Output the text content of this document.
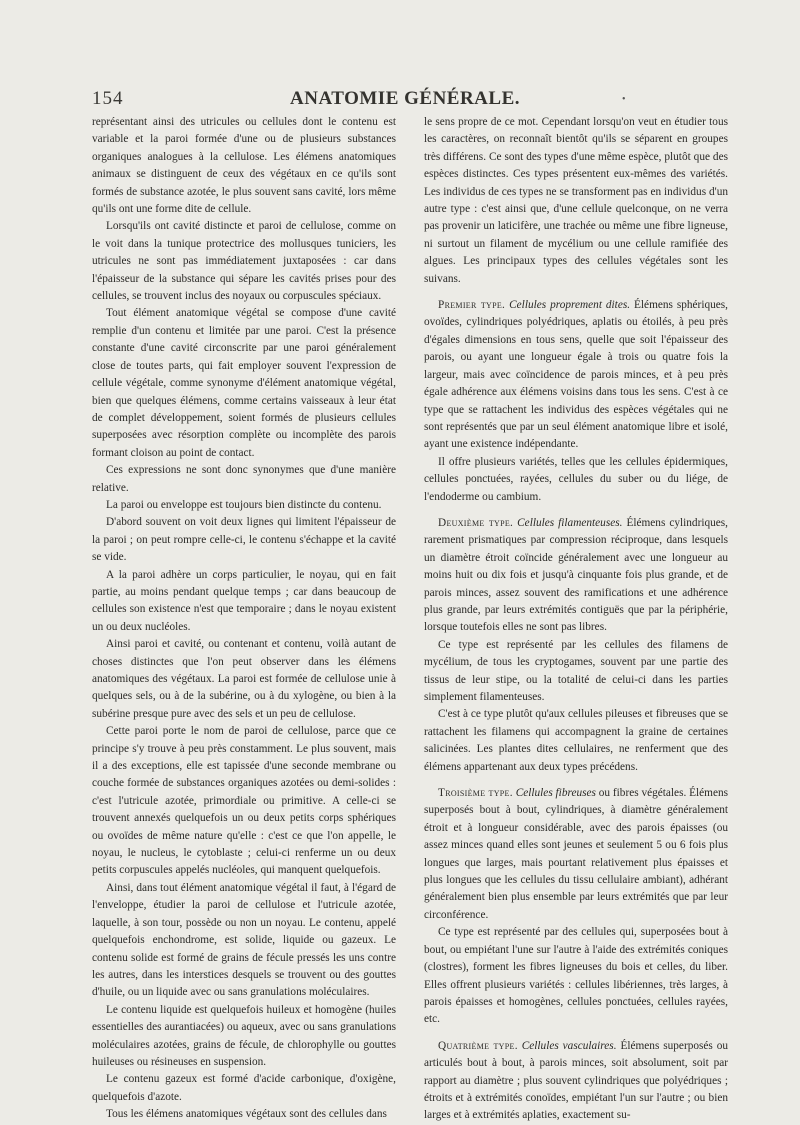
154	ANATOMIE GÉNÉRALE.	•

représentant ainsi des utricules ou cellules dont le contenu est variable et la paroi formée d'une ou de plusieurs substances organiques analogues à la cellulose. Les élémens anatomiques animaux se distinguent de ceux des végétaux en ce qu'ils sont formés de substance azotée, le plus souvent sans cavité, lors même qu'ils ont une forme dite de cellule.

Lorsqu'ils ont cavité distincte et paroi de cellulose, comme on le voit dans la tunique protectrice des mollusques tuniciers, les utricules ne sont pas immédiatement juxtaposées : car dans l'épaisseur de la substance qui sépare les cavités prises pour des cellules, se trouvent inclus des noyaux ou corpuscules spéciaux.

Tout élément anatomique végétal se compose d'une cavité remplie d'un contenu et limitée par une paroi. C'est la présence constante d'une cavité circonscrite par une paroi généralement close de toutes parts, qui fait employer souvent l'expression de cellule végétale, comme synonyme d'élément anatomique végétal, bien que quelques élémens, comme certains vaisseaux à leur état de complet développement, soient formés de plusieurs cellules superposées avec résorption complète ou incomplète des parois formant cloison au point de contact.

Ces expressions ne sont donc synonymes que d'une manière relative.

La paroi ou enveloppe est toujours bien distincte du contenu.

D'abord souvent on voit deux lignes qui limitent l'épaisseur de la paroi ; on peut rompre celle-ci, le contenu s'échappe et la cavité se vide.

A la paroi adhère un corps particulier, le noyau, qui en fait partie, au moins pendant quelque temps ; car dans beaucoup de cellules son existence n'est que temporaire ; dans le noyau existent un ou deux nucléoles.

Ainsi paroi et cavité, ou contenant et contenu, voilà autant de choses distinctes que l'on peut observer dans les élémens anatomiques des végétaux. La paroi est formée de cellulose unie à quelques sels, ou à de la subérine, ou à du xylogène, ou bien à la subérine presque pure avec des sels et un peu de cellulose.

Cette paroi porte le nom de paroi de cellulose, parce que ce principe s'y trouve à peu près constamment. Le plus souvent, mais il a des exceptions, elle est tapissée d'une seconde membrane ou couche formée de substances organiques azotées ou demi-solides : c'est l'utricule azotée, primordiale ou primitive. A celle-ci se trouvent annexés quelquefois un ou deux petits corps sphériques ou ovoïdes de même nature qu'elle : c'est ce que l'on appelle, le noyau, le nucleus, le cytoblaste ; celui-ci renferme un ou deux petits corpuscules appelés nucléoles, qui manquent quelquefois.

Ainsi, dans tout élément anatomique végétal il faut, à l'égard de l'enveloppe, étudier la paroi de cellulose et l'utricule azotée, laquelle, à son tour, possède ou non un noyau. Le contenu, appelé quelquefois enchondrome, est solide, liquide ou gazeux. Le contenu solide est formé de grains de fécule pressés les uns contre les autres, dans les interstices desquels se trouvent ou des gouttes d'huile, ou un liquide avec ou sans granulations moléculaires.

Le contenu liquide est quelquefois huileux et homogène (huiles essentielles des aurantiacées) ou aqueux, avec ou sans granulations moléculaires azotées, grains de fécule, de chlorophylle ou gouttes huileuses ou résineuses en suspension.

Le contenu gazeux est formé d'acide carbonique, d'oxigène, quelquefois d'azote.

Tous les élémens anatomiques végétaux sont des cellules dans

le sens propre de ce mot. Cependant lorsqu'on veut en étudier tous les caractères, on reconnaît bientôt qu'ils se séparent en groupes très différens. Ce sont des types d'une même espèce, plutôt que des espèces distinctes. Ces types présentent eux-mêmes des variétés. Les individus de ces types ne se transforment pas en individus d'un autre type : c'est ainsi que, d'une cellule quelconque, on ne verra pas provenir un laticifère, une trachée ou même une fibre ligneuse, ni surtout un filament de mycélium ou une cellule ramifiée des algues. Les principaux types des cellules végétales sont les suivans.

Premier type. Cellules proprement dites. Élémens sphériques, ovoïdes, cylindriques polyédriques, aplatis ou étoilés, à peu près d'égales dimensions en tous sens, quelle que soit l'épaisseur des parois, ou ayant une longueur égale à trois ou quatre fois la largeur, mais avec coïncidence de parois minces, et à peu près égale adhérence aux élémens voisins dans tous les sens. C'est à ce type que se rattachent les individus des espèces végétales qui ne sont représentés que par un seul élément anatomique libre et isolé, ayant une existence indépendante.

Il offre plusieurs variétés, telles que les cellules épidermiques, cellules ponctuées, rayées, cellules du suber ou du liége, de l'endoderme ou cambium.

Deuxième type. Cellules filamenteuses. Élémens cylindriques, rarement prismatiques par compression réciproque, dans lesquels un diamètre étroit coïncide généralement avec une longueur au moins huit ou dix fois et jusqu'à cinquante fois plus grande, et de parois minces, assez souvent des ramifications et une adhérence plus grande, par leurs extrémités contiguës que par la périphérie, lorsque toutefois elles ne sont pas libres.

Ce type est représenté par les cellules des filamens de mycélium, de tous les cryptogames, souvent par une partie des tissus de leur stipe, ou la totalité de celui-ci dans les parties simplement filamenteuses.

C'est à ce type plutôt qu'aux cellules pileuses et fibreuses que se rattachent les filamens qui accompagnent la graine de certaines salicinées. Les plantes dites cellulaires, ne renferment que des élémens appartenant aux deux types précédens.

Troisième type. Cellules fibreuses ou fibres végétales. Élémens superposés bout à bout, cylindriques, à diamètre généralement étroit et à longueur considérable, avec des parois épaisses (ou assez minces quand elles sont jeunes et seulement 5 ou 6 fois plus longues que larges, mais pourtant relativement plus épaisses et plus longues que les cellules du tissu cellulaire ambiant), adhérant généralement bien plus ensemble par leurs extrémités que par leur circonférence.

Ce type est représenté par des cellules qui, superposées bout à bout, ou empiétant l'une sur l'autre à l'aide des extrémités coniques (clostres), forment les fibres ligneuses du bois et celles, du liber. Elles offrent plusieurs variétés : cellules libériennes, très larges, à parois épaisses et homogènes, cellules ponctuées, cellules rayées, etc.

Quatrième type. Cellules vasculaires. Élémens superposés ou articulés bout à bout, à parois minces, soit absolument, soit par rapport au diamètre ; plus souvent cylindriques que polyédriques ; étroits et à extrémités conoïdes, empiétant l'un sur l'autre ; ou bien larges et à extrémités aplaties, exactement su-
